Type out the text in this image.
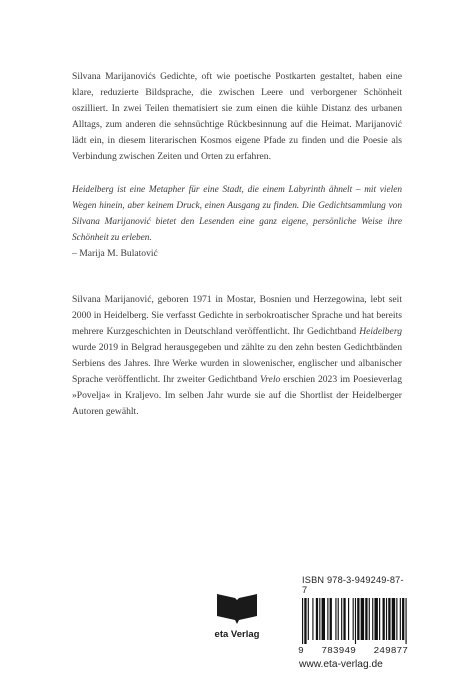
Silvana Marijanovićs Gedichte, oft wie poetische Postkarten gestaltet, haben eine klare, reduzierte Bildsprache, die zwischen Leere und verborgener Schönheit oszilliert. In zwei Teilen thematisiert sie zum einen die kühle Distanz des urbanen Alltags, zum anderen die sehnsüchtige Rückbesinnung auf die Heimat. Marijanović lädt ein, in diesem literarischen Kosmos eigene Pfade zu finden und die Poesie als Verbindung zwischen Zeiten und Orten zu erfahren.

Heidelberg ist eine Metapher für eine Stadt, die einem Labyrinth ähnelt – mit vielen Wegen hinein, aber keinem Druck, einen Ausgang zu finden. Die Gedichtsammlung von Silvana Marijanović bietet den Lesenden eine ganz eigene, persönliche Weise ihre Schönheit zu erleben.

– Marija M. Bulatović

Silvana Marijanović, geboren 1971 in Mostar, Bosnien und Herzegowina, lebt seit 2000 in Heidelberg. Sie verfasst Gedichte in serbokroatischer Sprache und hat bereits mehrere Kurzgeschichten in Deutschland veröffentlicht. Ihr Gedichtband Heidelberg wurde 2019 in Belgrad herausgegeben und zählte zu den zehn besten Gedichtbänden Serbiens des Jahres. Ihre Werke wurden in slowenischer, englischer und albanischer Sprache veröffentlicht. Ihr zweiter Gedichtband Vrelo erschien 2023 im Poesieverlag »Povelja« in Kraljevo. Im selben Jahr wurde sie auf die Shortlist der Heidelberger Autoren gewählt.

eta Verlag
ISBN 978-3-949249-87-7
9 783949 249877
www.eta-verlag.de
